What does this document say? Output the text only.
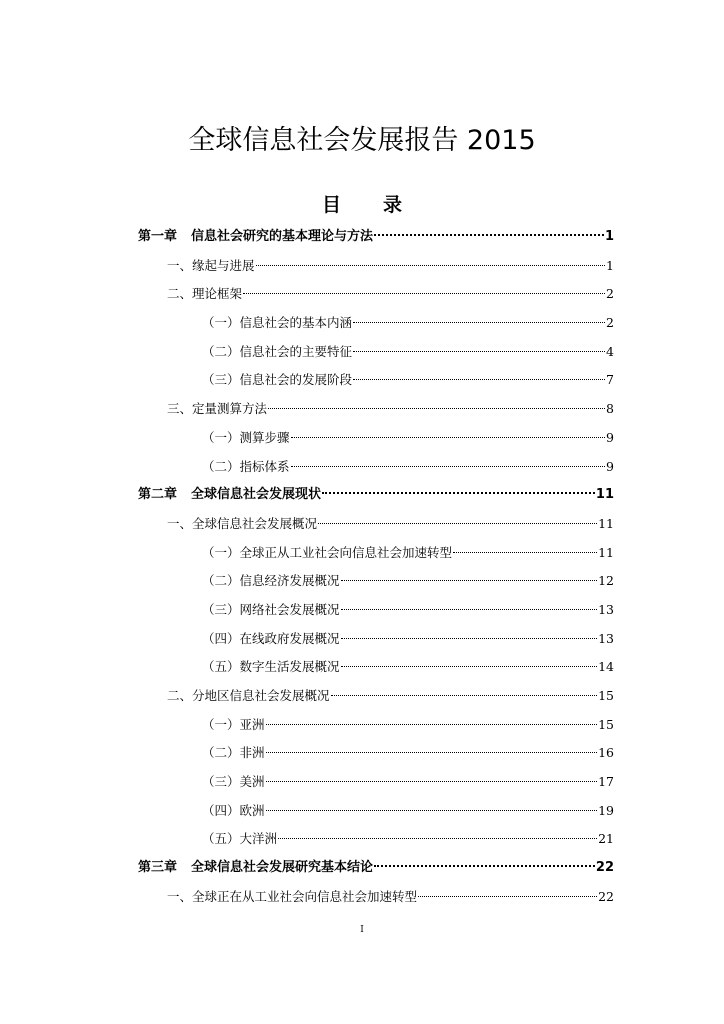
全球信息社会发展报告 2015
目 录
第一章 信息社会研究的基本理论与方法	1
一、缘起与进展	1
二、理论框架	2
（一）信息社会的基本内涵	2
（二）信息社会的主要特征	4
（三）信息社会的发展阶段	7
三、定量测算方法	8
（一）测算步骤	9
（二）指标体系	9
第二章 全球信息社会发展现状	11
一、全球信息社会发展概况	11
（一）全球正从工业社会向信息社会加速转型	11
（二）信息经济发展概况	12
（三）网络社会发展概况	13
（四）在线政府发展概况	13
（五）数字生活发展概况	14
二、分地区信息社会发展概况	15
（一）亚洲	15
（二）非洲	16
（三）美洲	17
（四）欧洲	19
（五）大洋洲	21
第三章 全球信息社会发展研究基本结论	22
一、全球正在从工业社会向信息社会加速转型	22
I
